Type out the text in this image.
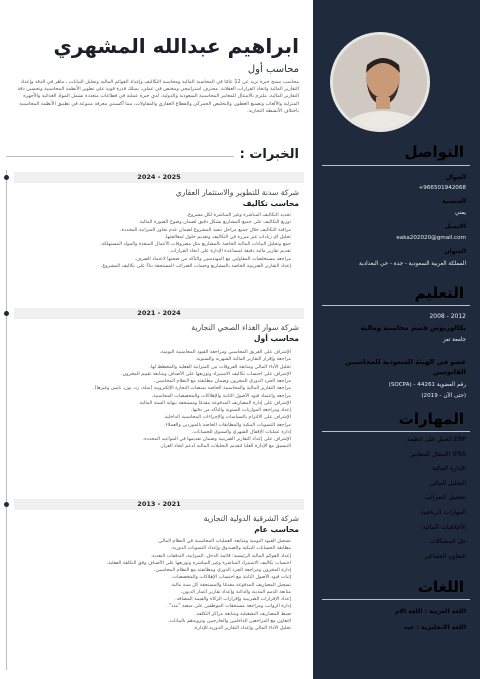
التواصل
الجوال
+966501942068
الجنسية
يمني
الايميل
eaka202020@gmail.com
العنوان
المملكة العربية السعودية - جدة - حي البغدادية
التعليم
2008 - 2012
بكالوريوس قسم محاسبة ومالية
جامعة تعز
عضو في الهيئة السعودية للمحاسبين القانونيين
(SOCPA) - رقم العضوية 44261
(2019 - حتى الآن)
المهارات
العمل على انظمة ERP
الامتثال للمعايير IFRS
الإدارة المالية
التحليل المالي
تحصيل الضرائب
المهارات الرياضية
الأخلاقيات المالية
حل المشكلات
التعاون الجماعي
اللغات
اللغة العربية : اللغة الام
اللغة الانجليزية : جيد
ابراهيم عبدالله المشهري
محاسب أول

محاسب ممنح خبرة تزيد عن 12 عامًا في المحاسبة المالية ومحاسبة التكاليف وإعداد القوائم المالية وتحليل البيانات ، ماهر في الدقة وإعداد التقارير المالية واتخاذ القرارات العقلانة. محترف استراتيجي ومختص في عملي، يمتلك قدرة قوية على تطوير الأنظمة المحاسبية وتحسين دقة التقارير المالية، ملتزم بالامتثال للمعايير المحاسبية السعودية والدولية. لدي خبرة عملية في قطاعات متعددة تشمل المواد الغذائية والأجهزة المنزلية والألعاب وتصنيع العطور، والتخليص الجمركي والقطاع العقاري والمقاولات، مما أكسبني معرفة متنوعة في تطبيق الأنظمة المحاسبية باحتلاف الأنشطة التجارية.

الخبرات :
2024 - 2025
شركة سدنة للتطوير والاستثمار العقاري
محاسب تكاليف
• تحديد التكاليف المباشرة وغير المباشرة لكل مشروع.
• توزيع التكاليف على جميع المشاريع بشكل دقيق لضمان وضوح الصورة المالية.
• مراقبة التكاليف خلال جميع مراحل تنفيذ المشروع لضمان عدم تجاوز الميزانية المحددة.
• تحليل أي زيادات غير مبررة في التكاليف وتقديم حلول لمعالجتها.
• جمع وتحليل البيانات المالية الخاصة بالمشاريع مثل مصروفات الأعمال المنفذة والمواد المستهلكة.
• تقديم تقارير مالية دقيقة لمساعدة الإدارة على اتخاذ القرارات.
• مراجعة مستخلصات المقاولين مع المهندسين والتأكد من صحتها لاعتماد الصرف.
• إعداد التقارير الضريبية الخاصة بالمشاريع وحساب الضرائب المستحقة بناءً على تكاليف المشروع.
2021 - 2024
شركة سوار الغذاء الصحي التجارية
محاسب أول
• الإشراف على الفريق المحاسبي ومراجعة القيود المحاسبية اليومية.
• مراجعة وإقرار التقارير المالية الشهرية والسنوية.
• تحليل الأداء المالي ومتابعة الفروقات بين الميزانية الفعلية والمخطط لها.
• الإشراف على احتساب تكاليف الاستيراد وتوزيعها على الأصناف ومتابعة تقييم المخزون.
• مراجعة الجرد الدوري للمخزون وضمان مطابقته مع النظام المحاسبي.
• مراجعة التقارير المالية والمحاسبية الخاصة بمنصات التجارة الإلكترونية (سلة، زد، نون، نايس وغيرها).
• مراجعة واعتماد قيود الأصول الثابتة والإهلاكات والمخصصات المحاسبية.
• الإشراف على إدارة المصاريف المدفوعة مقدمًا ومستحقة بنهاية السنة المالية.
• إعداد ومراجعة الموازنات السنوية والتأكد من دقتها.
• الإشراف على الالتزام بالسياسات والإجراءات المحاسبية الداخلية.
• مراجعة التسويات البنكية والمطابقات الخاصة بالموردين والعملاء.
• إدارة عمليات الإقفال الشهري والسنوي للحسابات.
• الإشراف على إعداد التقارير الضريبية وضمان تقديمها في المواعيد المحددة.
• التنسيق مع الإدارة العليا لتقديم التحليلات المالية لدعم اتخاذ القرار.
2013 - 2021
شركة الشرقية الدولية التجارية
محاسب عام
• تسجيل القيود اليومية ومتابعة العمليات المحاسبية في النظام المالي.
• مطابقة الحسابات البنكية والصندوق وإعداد التسويات الدورية.
• إعداد القوائم المالية الرئيسية: قائمة الدخل، الميزانية، التدفقات النقدية.
• احتساب تكاليف الاستيراد المباشرة وغير المباشرة وتوزيعها على الأصناف وفق التكلفة الفعلية.
• إدارة المخزون ومراجعة الجرد الدوري ومطابقته مع النظام المحاسبي.
• إثبات قيود الأصول الثابتة مع احتساب الإهلاكات والمخصصات.
• تسجيل المصاريف المدفوعة مقدمًا والمستحقة كل سنة مالية.
• متابعة الذمم المدينة والدائنة وإعداد تقارير أعمار الديون.
• إعداد الإقرارات الضريبية وإقرارات الزكاة والقيمة المضافة.
• إدارة الرواتب ومراجعة مستحقات الموظفين على منصة "مدد".
• ضبط المصاريف التشغيلية ومتابعة مراكز التكلفة.
• التعاون مع المراجعين الداخليين والخارجيين وتزويدهم بالبيانات.
• تحليل الأداء المالي وإعداد التقارير الدورية للإدارة.
